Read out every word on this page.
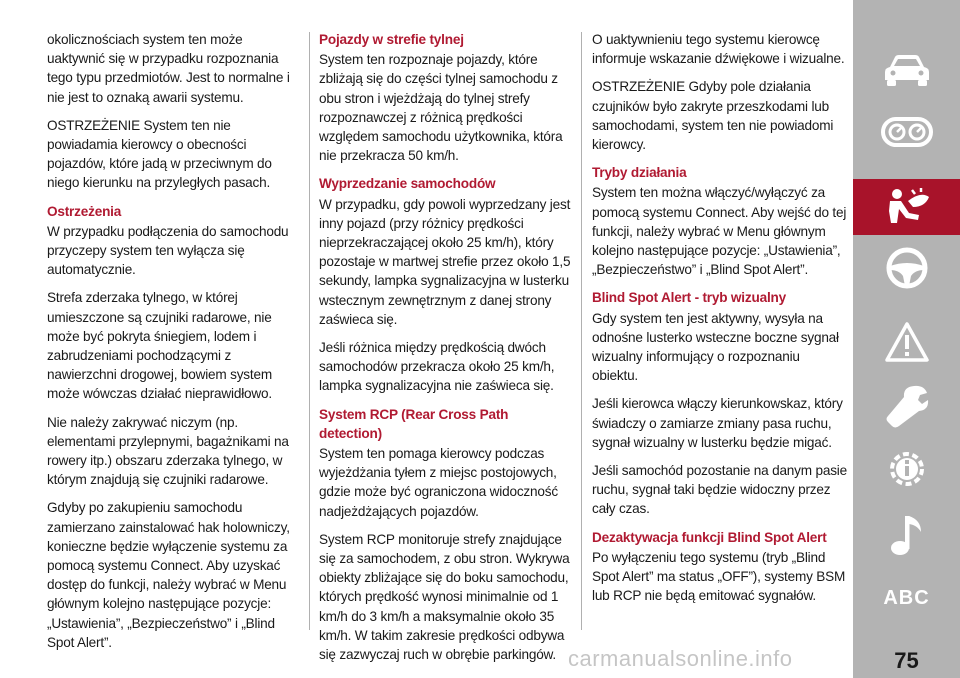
okolicznościach system ten może uaktywnić się w przypadku rozpoznania tego typu przedmiotów. Jest to normalne i nie jest to oznaką awarii systemu.

OSTRZEŻENIE System ten nie powiadamia kierowcy o obecności pojazdów, które jadą w przeciwnym do niego kierunku na przyległych pasach.

Ostrzeżenia

W przypadku podłączenia do samochodu przyczepy system ten wyłącza się automatycznie.

Strefa zderzaka tylnego, w której umieszczone są czujniki radarowe, nie może być pokryta śniegiem, lodem i zabrudzeniami pochodzącymi z nawierzchni drogowej, bowiem system może wówczas działać nieprawidłowo.

Nie należy zakrywać niczym (np. elementami przylepnymi, bagażnikami na rowery itp.) obszaru zderzaka tylnego, w którym znajdują się czujniki radarowe.

Gdyby po zakupieniu samochodu zamierzano zainstalować hak holowniczy, konieczne będzie wyłączenie systemu za pomocą systemu Connect. Aby uzyskać dostęp do funkcji, należy wybrać w Menu głównym kolejno następujące pozycje: „Ustawienia”, „Bezpieczeństwo” i „Blind Spot Alert”.

Pojazdy w strefie tylnej

System ten rozpoznaje pojazdy, które zbliżają się do części tylnej samochodu z obu stron i wjeżdżają do tylnej strefy rozpoznawczej z różnicą prędkości względem samochodu użytkownika, która nie przekracza 50 km/h.

Wyprzedzanie samochodów

W przypadku, gdy powoli wyprzedzany jest inny pojazd (przy różnicy prędkości nieprzekraczającej około 25 km/h), który pozostaje w martwej strefie przez około 1,5 sekundy, lampka sygnalizacyjna w lusterku wstecznym zewnętrznym z danej strony zaświeca się.

Jeśli różnica między prędkością dwóch samochodów przekracza około 25 km/h, lampka sygnalizacyjna nie zaświeca się.

System RCP (Rear Cross Path detection)

System ten pomaga kierowcy podczas wyjeżdżania tyłem z miejsc postojowych, gdzie może być ograniczona widoczność nadjeżdżających pojazdów.

System RCP monitoruje strefy znajdujące się za samochodem, z obu stron. Wykrywa obiekty zbliżające się do boku samochodu, których prędkość wynosi minimalnie od 1 km/h do 3 km/h a maksymalnie około 35 km/h. W takim zakresie prędkości odbywa się zazwyczaj ruch w obrębie parkingów.

O uaktywnieniu tego systemu kierowcę informuje wskazanie dźwiękowe i wizualne.

OSTRZEŻENIE Gdyby pole działania czujników było zakryte przeszkodami lub samochodami, system ten nie powiadomi kierowcy.

Tryby działania

System ten można włączyć/wyłączyć za pomocą systemu Connect. Aby wejść do tej funkcji, należy wybrać w Menu głównym kolejno następujące pozycje: „Ustawienia”, „Bezpieczeństwo” i „Blind Spot Alert”.

Blind Spot Alert - tryb wizualny

Gdy system ten jest aktywny, wysyła na odnośne lusterko wsteczne boczne sygnał wizualny informujący o rozpoznaniu obiektu.

Jeśli kierowca włączy kierunkowskaz, który świadczy o zamiarze zmiany pasa ruchu, sygnał wizualny w lusterku będzie migać.

Jeśli samochód pozostanie na danym pasie ruchu, sygnał taki będzie widoczny przez cały czas.

Dezaktywacja funkcji Blind Spot Alert

Po wyłączeniu tego systemu (tryb „Blind Spot Alert” ma status „OFF”), systemy BSM lub RCP nie będą emitować sygnałów.	ABC
75
carmanualsonline.info
